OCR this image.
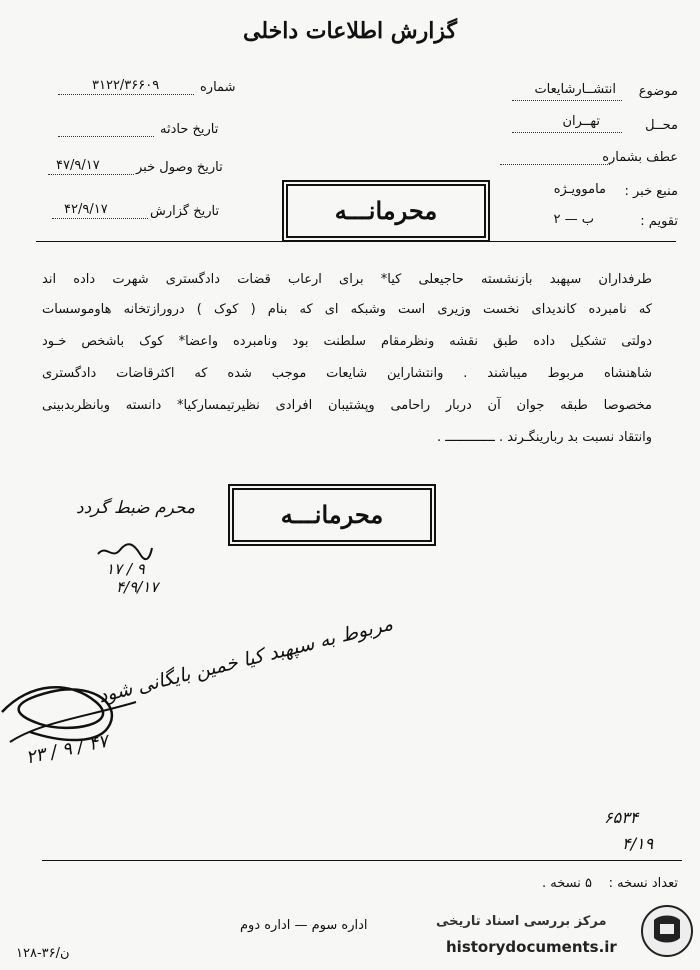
گزارش اطلاعات داخلی
موضوع
انتشــارشایعات
محــل
تهــران
عطف بشماره
منبع خبر :
ماموویـژه
تقویم :
ب — ۲
شماره
۳۱۲۲/۳۶۶۰۹
تاریخ حادثه
تاریخ وصول خبر
۴۷/۹/۱۷
تاریخ گزارش
۴۲/۹/۱۷	محرمانـــه
طرفداران سپهبد بازنشسته حاجیعلی کیا* برای ارعاب قضات دادگستری شهرت داده اند
که نامبرده کاندیدای نخست وزیری است وشبکه ای که بنام ( کوک ) درورازتخانه هاوموسسات
دولتی تشکیل داده طبق نقشه ونظرمقام سلطنت بود ونامبرده واعضا* کوک باشخص خـود
شاهنشاه مربوط میباشند . وانتشاراین شایعات موجب شده که اکثرقاضات دادگستری
مخصوصا طبقه جوان آن دربار راحامی وپشتیبان افرادی نظیرتیمسارکیا* دانسته وبانظربدبینی
وانتقاد نسبت بد ربارینگـرند . ـــــــــــــ .
محرمانـــه
محرم ضبط گردد
۱۷ / ۹
۴/۹/۱۷
مربوط به سپهبد کیا خمین بایگانی شود
۲۳ / ۹ / ۴۷
۶۵۳۴
۴/۱۹
تعداد نسخه :
۵ نسخه .
اداره سوم — اداره دوم
ن/۳۶-۱۲۸
مرکز بررسی اسناد تاریخی
historydocuments.ir
